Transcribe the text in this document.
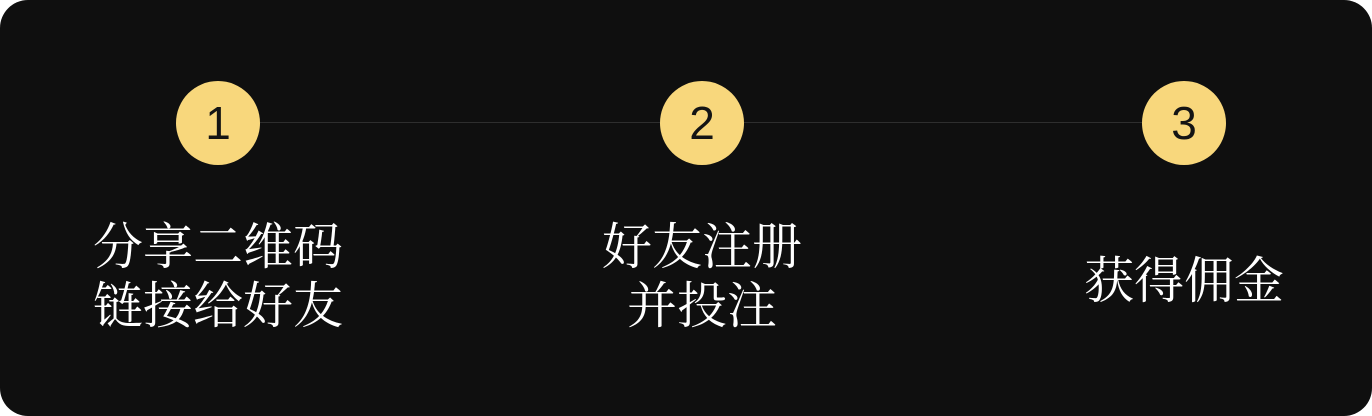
1	2	3
分享二维码
链接给好友
好友注册
并投注	获得佣金
